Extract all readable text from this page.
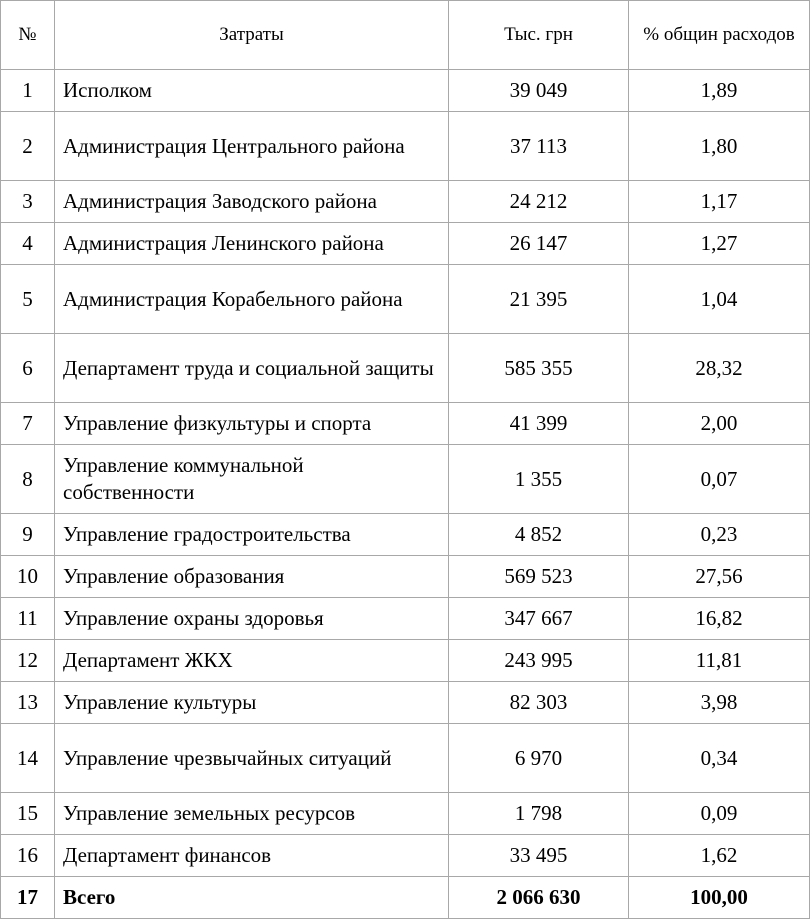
№	Затраты	Тыс. грн	% общин расходов
1	Исполком	39 049	1,89
2	Администрация Центрального района	37 113	1,80
3	Администрация Заводского района	24 212	1,17
4	Администрация Ленинского района	26 147	1,27
5	Администрация Корабельного района	21 395	1,04
6	Департамент труда и социальной защиты	585 355	28,32
7	Управление физкультуры и спорта	41 399	2,00
8	Управление коммунальной собственности	1 355	0,07
9	Управление градостроительства	4 852	0,23
10	Управление образования	569 523	27,56
11	Управление охраны здоровья	347 667	16,82
12	Департамент ЖКХ	243 995	11,81
13	Управление культуры	82 303	3,98
14	Управление чрезвычайных ситуаций	6 970	0,34
15	Управление земельных ресурсов	1 798	0,09
16	Департамент финансов	33 495	1,62
17	Всего	2 066 630	100,00
